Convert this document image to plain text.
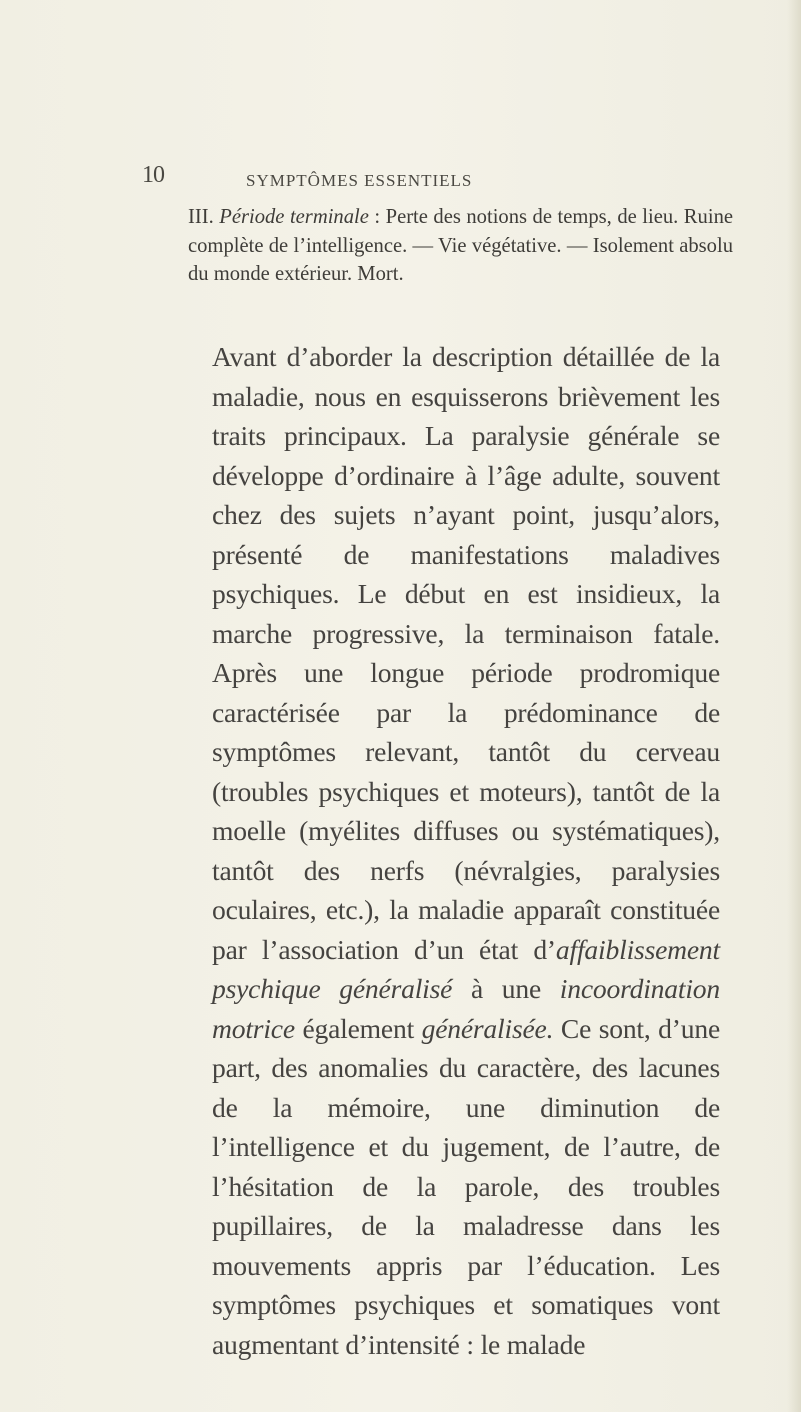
10	SYMPTÔMES ESSENTIELS

III. Période terminale : Perte des notions de temps, de lieu. Ruine complète de l’intelligence. — Vie végétative. — Isolement absolu du monde extérieur. Mort.

Avant d’aborder la description détaillée de la maladie, nous en esquisserons brièvement les traits principaux. La paralysie générale se développe d’ordinaire à l’âge adulte, souvent chez des sujets n’ayant point, jusqu’alors, présenté de manifestations maladives psychiques. Le début en est insidieux, la marche progressive, la terminaison fatale. Après une longue période prodromique caractérisée par la prédominance de symptômes relevant, tantôt du cerveau (troubles psychiques et moteurs), tantôt de la moelle (myélites diffuses ou systématiques), tantôt des nerfs (névralgies, paralysies oculaires, etc.), la maladie apparaît constituée par l’association d’un état d’affaiblissement psychique généralisé à une incoordination motrice également généralisée. Ce sont, d’une part, des anomalies du caractère, des lacunes de la mémoire, une diminution de l’intelligence et du jugement, de l’autre, de l’hésitation de la parole, des troubles pupillaires, de la maladresse dans les mouvements appris par l’éducation. Les symptômes psychiques et somatiques vont augmentant d’intensité : le malade
